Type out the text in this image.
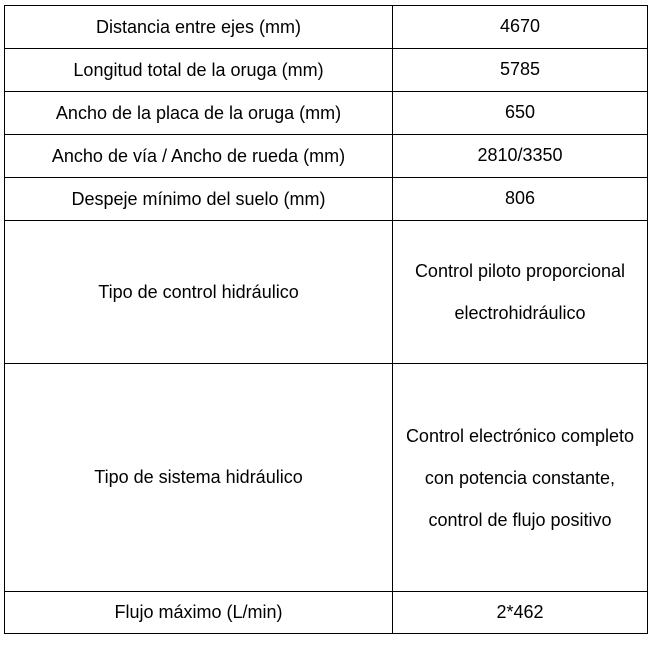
Distancia entre ejes (mm)	4670
Longitud total de la oruga (mm)	5785
Ancho de la placa de la oruga (mm)	650
Ancho de vía / Ancho de rueda (mm)	2810/3350
Despeje mínimo del suelo (mm)	806
Tipo de control hidráulico	Control piloto proporcional electrohidráulico
Tipo de sistema hidráulico	Control electrónico completo con potencia constante, control de flujo positivo
Flujo máximo (L/min)	2*462
